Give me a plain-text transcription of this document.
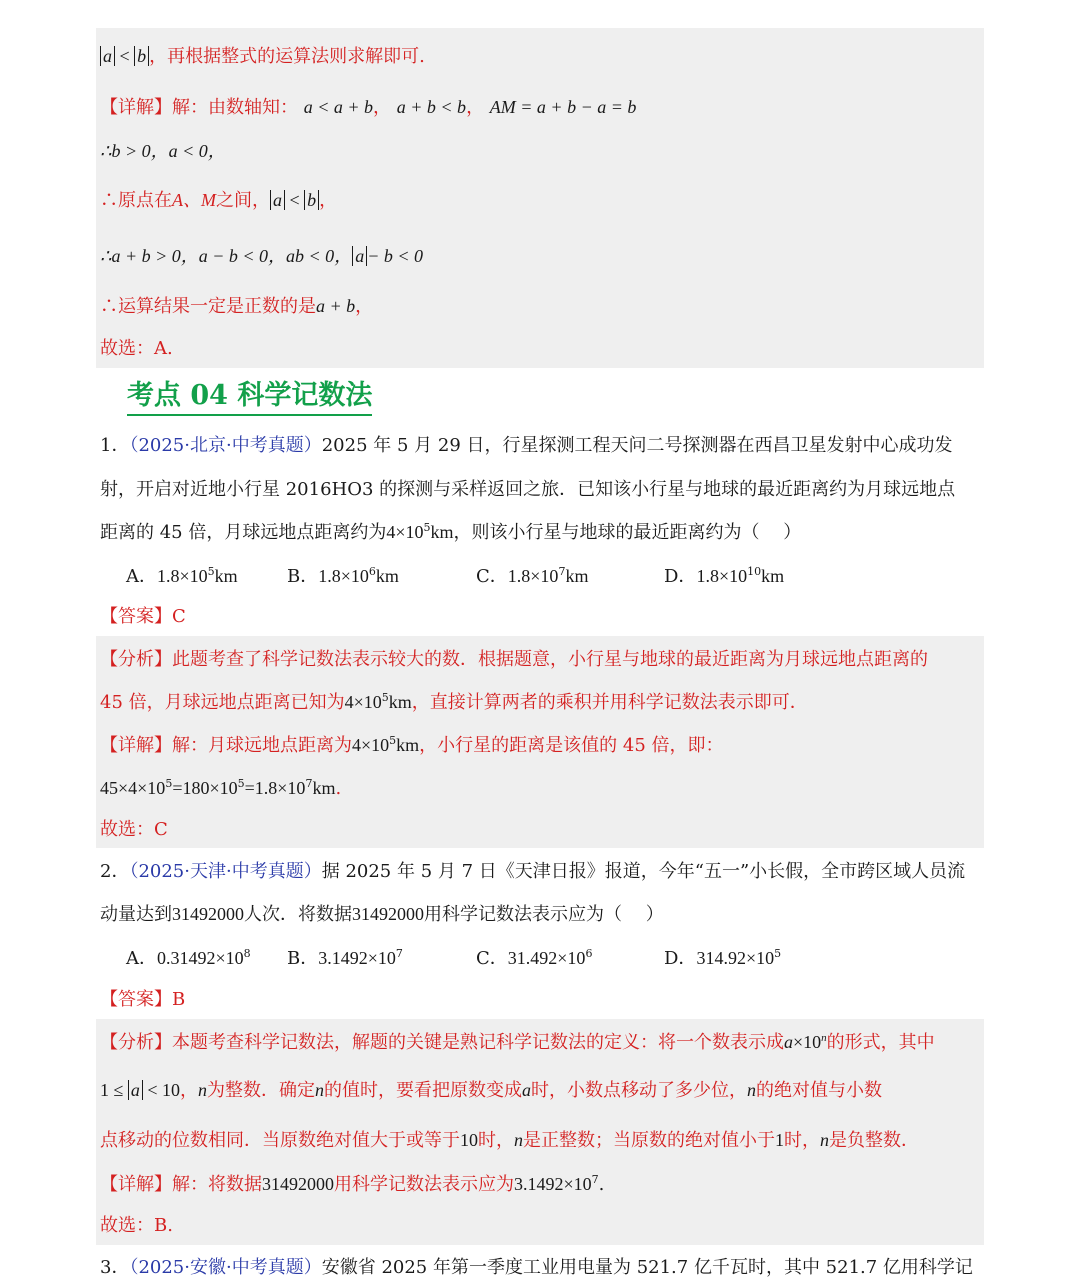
a < b ，再根据整式的运算法则求解即可.
【详解】解：由数轴知： a < a + b， a + b < b， AM = a + b − a = b
∴b > 0，a < 0，
∴原点在A、M之间， a < b ，
∴a + b > 0，a − b < 0，ab < 0， a − b < 0
∴运算结果一定是正数的是a + b，
故选：A.
考点 04 科学记数法
1．（2025·北京·中考真题）2025 年 5 月 29 日，行星探测工程天问二号探测器在西昌卫星发射中心成功发
射，开启对近地小行星 2016HO3 的探测与采样返回之旅．已知该小行星与地球的最近距离约为月球远地点
距离的 45 倍，月球远地点距离约为$4\times 10^5km$，则该小行星与地球的最近距离约为（　 ）
A．$1.8\times 10^5km$	B．$1.8\times 10^6km$	C．$1.8\times 10^7km$	D．$1.8\times 10^{10}km$
【答案】C
【分析】此题考查了科学记数法表示较大的数．根据题意，小行星与地球的最近距离为月球远地点距离的
45 倍，月球远地点距离已知为$4\times 10^5km$，直接计算两者的乘积并用科学记数法表示即可．
【详解】解：月球远地点距离为$4\times 10^5km$，小行星的距离是该值的 45 倍，即：
$45\times 4\times 10^5=180\times 10^5=1.8\times 10^7km$.
故选：C
2．（2025·天津·中考真题）据 2025 年 5 月 7 日《天津日报》报道，今年“五一”小长假，全市跨区域人员流
动量达到31492000人次．将数据31492000用科学记数法表示应为（　 ）
A．$0.31492\times 10^8$ B．$3.1492\times 10^7$	C．$31.492\times 10^6$	D．$314.92\times 10^5$
【答案】B
【分析】本题考查科学记数法，解题的关键是熟记科学记数法的定义：将一个数表示成$a\times 10^n$的形式，其中
1 ≤ a < 10，n为整数．确定n的值时，要看把原数变成a时，小数点移动了多少位，n的绝对值与小数
点移动的位数相同．当原数绝对值大于或等于10时，n是正整数；当原数的绝对值小于1时，n是负整数．
【详解】解：将数据31492000用科学记数法表示应为$3.1492\times 10^7$.
故选：B.
3．（2025·安徽·中考真题）安徽省 2025 年第一季度工业用电量为 521.7 亿千瓦时，其中 521.7 亿用科学记
